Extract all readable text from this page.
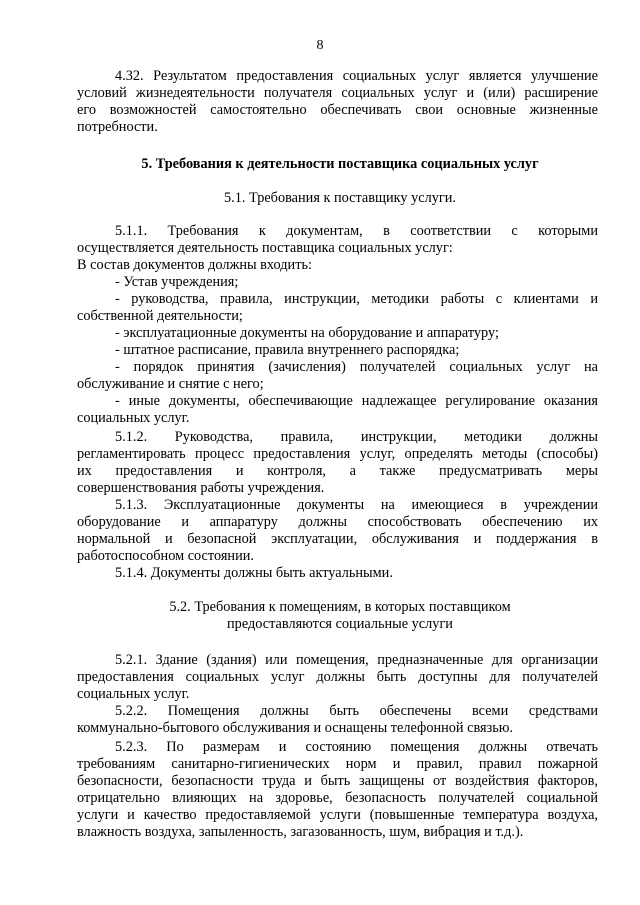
8
4.32. Результатом предоставления социальных услуг является улучшение
условий жизнедеятельности получателя социальных услуг и (или) расширение
его возможностей самостоятельно обеспечивать свои основные жизненные
потребности.
5. Требования к деятельности поставщика социальных услуг
5.1. Требования к поставщику услуги.
5.1.1. Требования к документам, в соответствии с которыми
осуществляется деятельность поставщика социальных услуг:
В состав документов должны входить:
- Устав учреждения;
- руководства, правила, инструкции, методики работы с клиентами и
собственной деятельности;
- эксплуатационные документы на оборудование и аппаратуру;
- штатное расписание, правила внутреннего распорядка;
- порядок принятия (зачисления) получателей социальных услуг на
обслуживание и снятие с него;
- иные документы, обеспечивающие надлежащее регулирование оказания
социальных услуг.
5.1.2. Руководства, правила, инструкции, методики должны
регламентировать процесс предоставления услуг, определять методы (способы)
их предоставления и контроля, а также предусматривать меры
совершенствования работы учреждения.
5.1.3. Эксплуатационные документы на имеющиеся в учреждении
оборудование и аппаратуру должны способствовать обеспечению их
нормальной и безопасной эксплуатации, обслуживания и поддержания в
работоспособном состоянии.
5.1.4. Документы должны быть актуальными.
5.2. Требования к помещениям, в которых поставщиком
предоставляются социальные услуги
5.2.1. Здание (здания) или помещения, предназначенные для организации
предоставления социальных услуг должны быть доступны для получателей
социальных услуг.
5.2.2. Помещения должны быть обеспечены всеми средствами
коммунально-бытового обслуживания и оснащены телефонной связью.
5.2.3. По размерам и состоянию помещения должны отвечать
требованиям санитарно-гигиенических норм и правил, правил пожарной
безопасности, безопасности труда и быть защищены от воздействия факторов,
отрицательно влияющих на здоровье, безопасность получателей социальной
услуги и качество предоставляемой услуги (повышенные температура воздуха,
влажность воздуха, запыленность, загазованность, шум, вибрация и т.д.).
